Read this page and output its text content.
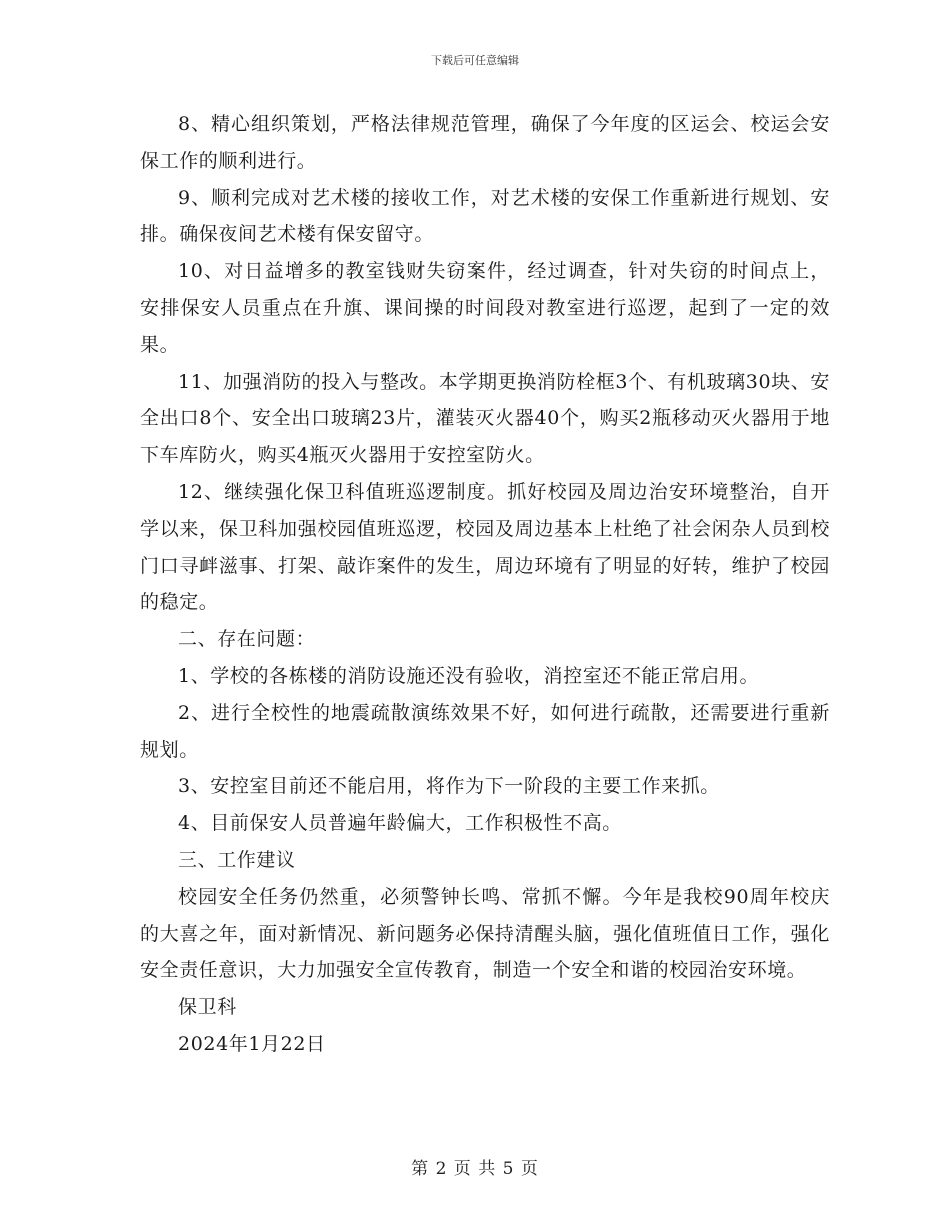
下载后可任意编辑

8、精心组织策划，严格法律规范管理，确保了今年度的区运会、校运会安保工作的顺利进行。

9、顺利完成对艺术楼的接收工作，对艺术楼的安保工作重新进行规划、安排。确保夜间艺术楼有保安留守。

10、对日益增多的教室钱财失窃案件，经过调查，针对失窃的时间点上，安排保安人员重点在升旗、课间操的时间段对教室进行巡逻，起到了一定的效果。

11、加强消防的投入与整改。本学期更换消防栓框3个、有机玻璃30块、安全出口8个、安全出口玻璃23片，灌装灭火器40个，购买2瓶移动灭火器用于地下车库防火，购买4瓶灭火器用于安控室防火。

12、继续强化保卫科值班巡逻制度。抓好校园及周边治安环境整治，自开学以来，保卫科加强校园值班巡逻，校园及周边基本上杜绝了社会闲杂人员到校门口寻衅滋事、打架、敲诈案件的发生，周边环境有了明显的好转，维护了校园的稳定。

二、存在问题：

1、学校的各栋楼的消防设施还没有验收，消控室还不能正常启用。

2、进行全校性的地震疏散演练效果不好，如何进行疏散，还需要进行重新规划。

3、安控室目前还不能启用，将作为下一阶段的主要工作来抓。

4、目前保安人员普遍年龄偏大，工作积极性不高。

三、工作建议

校园安全任务仍然重，必须警钟长鸣、常抓不懈。今年是我校90周年校庆的大喜之年，面对新情况、新问题务必保持清醒头脑，强化值班值日工作，强化安全责任意识，大力加强安全宣传教育，制造一个安全和谐的校园治安环境。

保卫科

2024年1月22日

第 2 页 共 5 页
